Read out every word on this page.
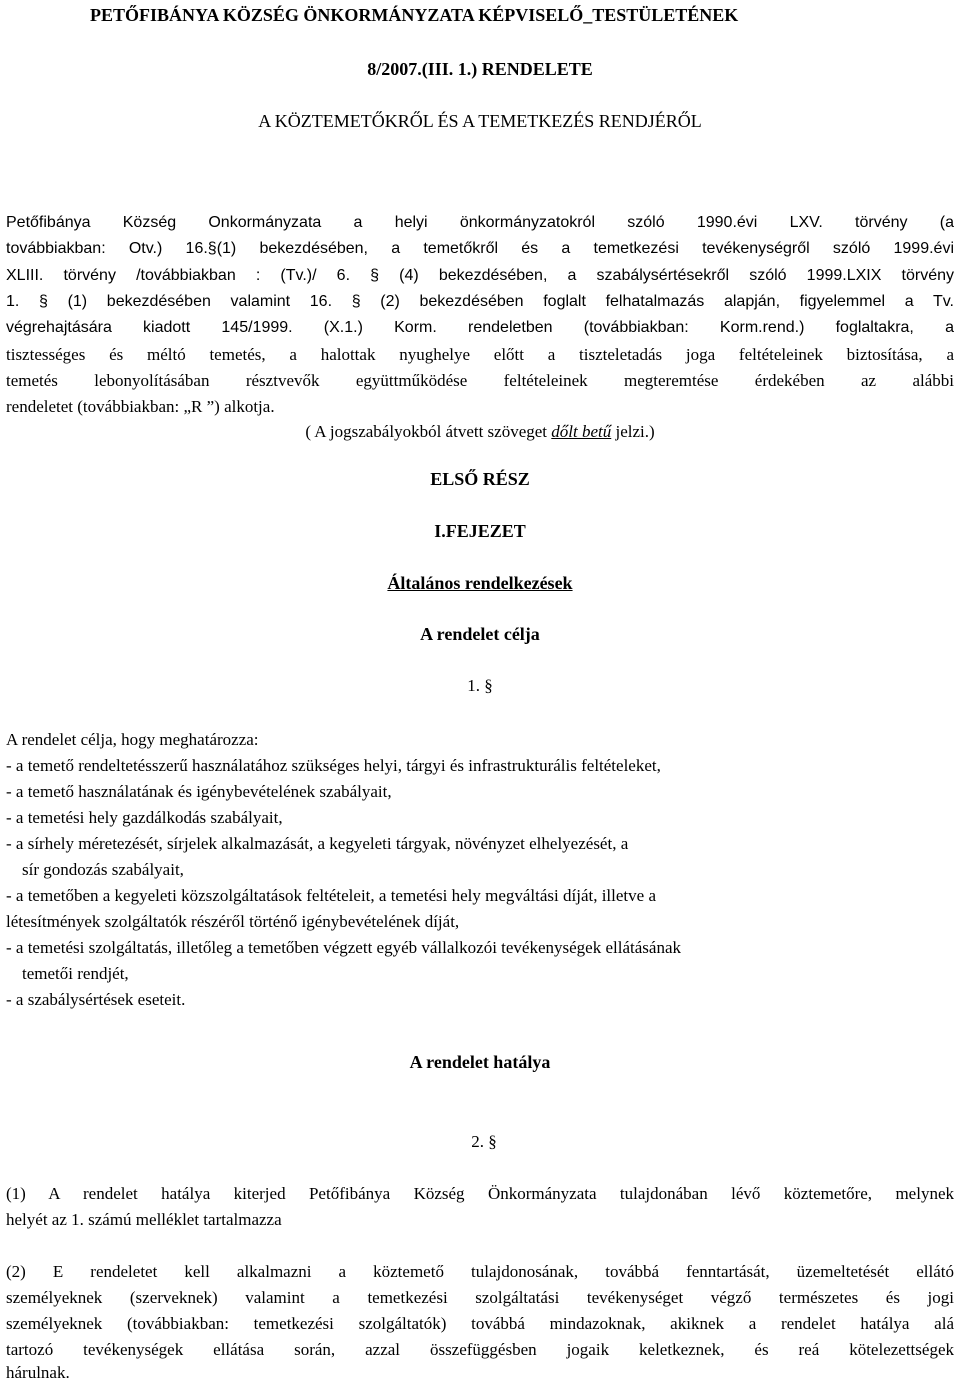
PETŐFIBÁNYA KÖZSÉG ÖNKORMÁNYZATA KÉPVISELŐ_TESTÜLETÉNEK
8/2007.(III. 1.) RENDELETE
A KÖZTEMETŐKRŐL ÉS A TEMETKEZÉS RENDJÉRŐL
Petőfibánya Község Önkormányzata a helyi önkormányzatokról szóló 1990.évi LXV. törvény (a
továbbiakban: Ötv.) 16.§(1) bekezdésében, a temetőkről és a temetkezési tevékenységről szóló 1999.évi
XLIII. törvény /továbbiakban : (Tv.)/ 6. § (4) bekezdésében, a szabálysértésekről szóló 1999.LXIX törvény
1. § (1) bekezdésében valamint 16. § (2) bekezdésében foglalt felhatalmazás alapján, figyelemmel a Tv.
végrehajtására kiadott 145/1999. (X.1.) Korm. rendeletben (továbbiakban: Korm.rend.) foglaltakra, a
tisztességes és méltó temetés, a halottak nyughelye előtt a tiszteletadás joga feltételeinek biztosítása, a
temetés lebonyolításában résztvevők együttműködése feltételeinek megteremtése érdekében az alábbi
rendeletet (továbbiakban: „R ”) alkotja.
( A jogszabályokból átvett szöveget dőlt betű jelzi.)
ELSŐ RÉSZ
I.FEJEZET
Általános rendelkezések
A rendelet célja
1. §
A rendelet célja, hogy meghatározza:
- a temető rendeltetésszerű használatához szükséges helyi, tárgyi és infrastrukturális feltételeket,
- a temető használatának és igénybevételének szabályait,
- a temetési hely gazdálkodás szabályait,
- a sírhely méretezését, sírjelek alkalmazását, a kegyeleti tárgyak, növényzet elhelyezését, a
sír gondozás szabályait,
- a temetőben a kegyeleti közszolgáltatások feltételeit, a temetési hely megváltási díját, illetve a
létesítmények szolgáltatók részéről történő igénybevételének díját,
- a temetési szolgáltatás, illetőleg a temetőben végzett egyéb vállalkozói tevékenységek ellátásának
temetői rendjét,
- a szabálysértések eseteit.
A rendelet hatálya
2. §
(1) A rendelet hatálya kiterjed Petőfibánya Község Önkormányzata tulajdonában lévő köztemetőre, melynek
helyét az 1. számú melléklet tartalmazza
(2) E rendeletet kell alkalmazni a köztemető tulajdonosának, továbbá fenntartását, üzemeltetését ellátó
személyeknek (szerveknek) valamint a temetkezési szolgáltatási tevékenységet végző természetes és jogi
személyeknek (továbbiakban: temetkezési szolgáltatók) továbbá mindazoknak, akiknek a rendelet hatálya alá
tartozó tevékenységek ellátása során, azzal összefüggésben jogaik keletkeznek, és reá kötelezettségek
hárulnak.
